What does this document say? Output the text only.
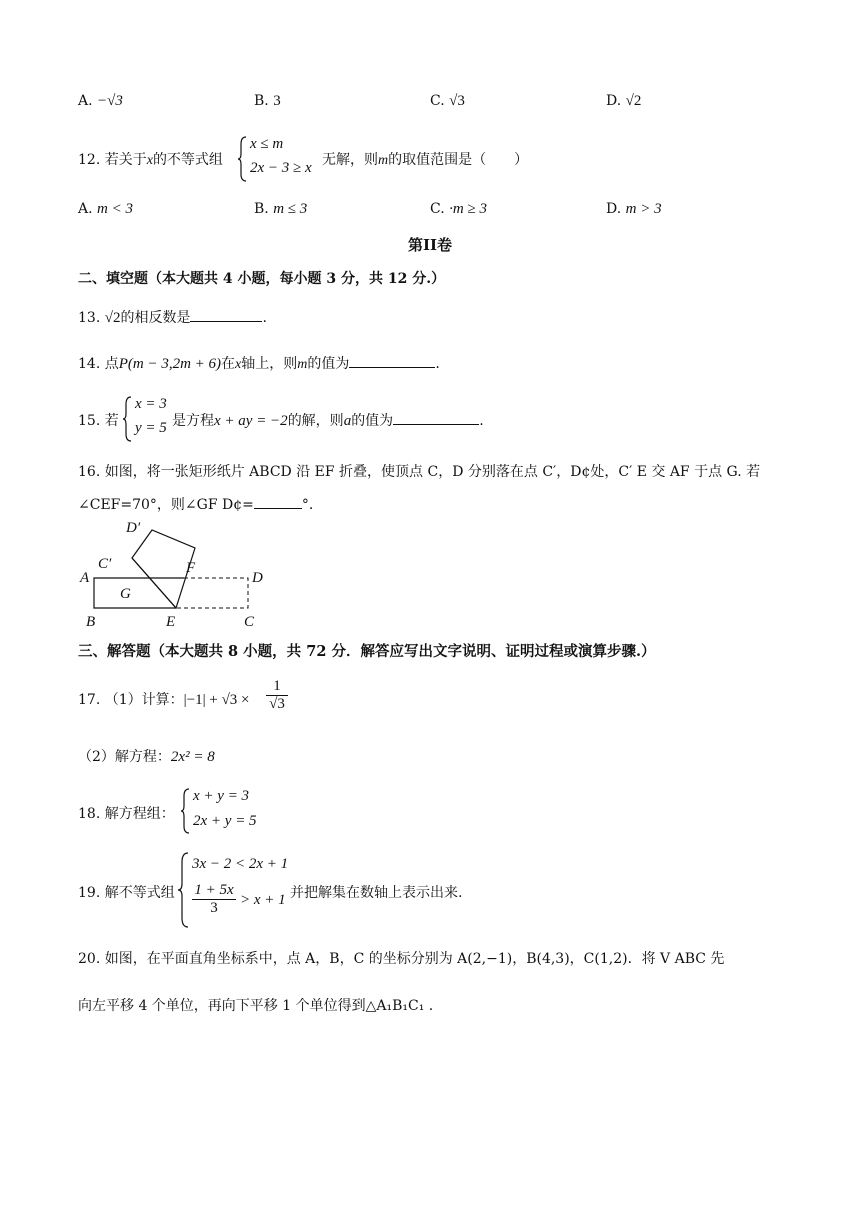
A. −√3	B. 3	C. √3	D. √2
12. 若关于x的不等式组
x ≤ m
2x − 3 ≥ x 无解，则m的取值范围是（　　）
A. m < 3	B. m ≤ 3	C. ·m ≥ 3	D. m > 3
第II卷
二、填空题（本大题共 4 小题，每小题 3 分，共 12 分.）
13. √2的相反数是	.
14. 点P(m − 3,2m + 6)在x轴上，则m的值为	.
15. 若
x = 3
y = 5 是方程x + ay = −2的解，则a的值为	.
16. 如图，将一张矩形纸片 ABCD 沿 EF 折叠，使顶点 C，D 分别落在点 C′，D¢处，C′ E 交 AF 于点 G. 若
∠CEF=70°，则∠GF D¢=	°.
D′
C′
A
F
D
G
B	E	C
三、解答题（本大题共 8 小题，共 72 分．解答应写出文字说明、证明过程或演算步骤.）
17. （1）计算：$|-1| + √3 \times \frac{1}{√3}$
（2）解方程：2x² = 8
18. 解方程组：
x + y = 3
2x + y = 5
19. 解不等式组
3x − 2 < 2x + 1
$\frac{1 + 5x}{3} > x + 1$ 并把解集在数轴上表示出来.
20. 如图，在平面直角坐标系中，点 A，B，C 的坐标分别为 A(2,−1)，B(4,3)，C(1,2)．将 V ABC 先
向左平移 4 个单位，再向下平移 1 个单位得到△A₁B₁C₁ .
